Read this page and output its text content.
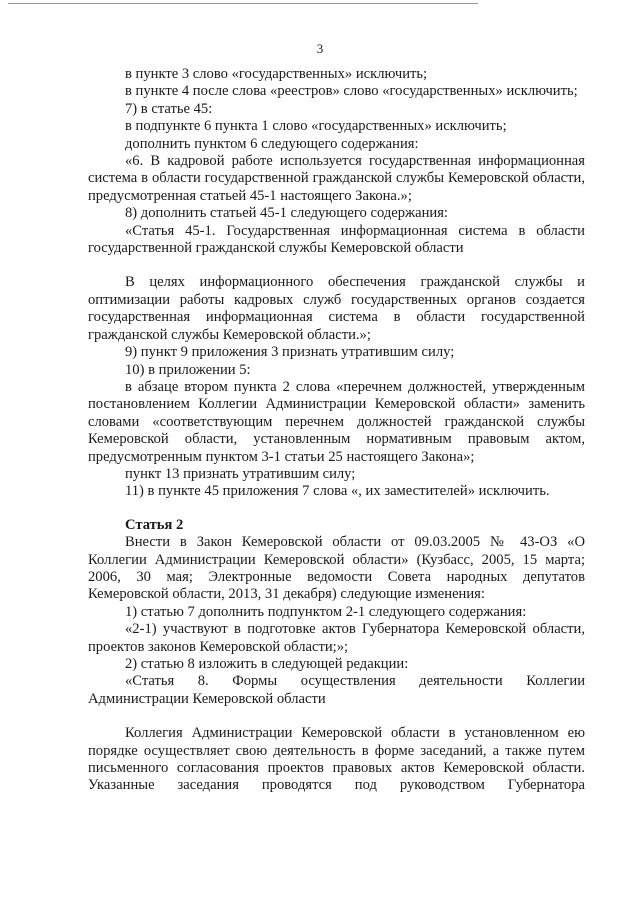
3
в пункте 3 слово «государственных» исключить;
в пункте 4 после слова «реестров» слово «государственных» исключить;
7) в статье 45:
в подпункте 6 пункта 1 слово «государственных» исключить;
дополнить пунктом 6 следующего содержания:
«6. В кадровой работе используется государственная информационная система в области государственной гражданской службы Кемеровской области, предусмотренная статьей 45-1 настоящего Закона.»;
8) дополнить статьей 45-1 следующего содержания:
«Статья 45-1. Государственная информационная система в области государственной гражданской службы Кемеровской области
В целях информационного обеспечения гражданской службы и оптимизации работы кадровых служб государственных органов создается государственная информационная система в области государственной гражданской службы Кемеровской области.»;
9) пункт 9 приложения 3 признать утратившим силу;
10) в приложении 5:
в абзаце втором пункта 2 слова «перечнем должностей, утвержденным постановлением Коллегии Администрации Кемеровской области» заменить словами «соответствующим перечнем должностей гражданской службы Кемеровской области, установленным нормативным правовым актом, предусмотренным пунктом 3-1 статьи 25 настоящего Закона»;
пункт 13 признать утратившим силу;
11) в пункте 45 приложения 7 слова «, их заместителей» исключить.
Статья 2
Внести в Закон Кемеровской области от 09.03.2005 № 43-ОЗ «О Коллегии Администрации Кемеровской области» (Кузбасс, 2005, 15 марта; 2006, 30 мая; Электронные ведомости Совета народных депутатов Кемеровской области, 2013, 31 декабря) следующие изменения:
1) статью 7 дополнить подпунктом 2-1 следующего содержания:
«2-1) участвуют в подготовке актов Губернатора Кемеровской области, проектов законов Кемеровской области;»;
2) статью 8 изложить в следующей редакции:
«Статья 8. Формы осуществления деятельности Коллегии Администрации Кемеровской области
Коллегия Администрации Кемеровской области в установленном ею порядке осуществляет свою деятельность в форме заседаний, а также путем письменного согласования проектов правовых актов Кемеровской области. Указанные заседания проводятся под руководством Губернатора
